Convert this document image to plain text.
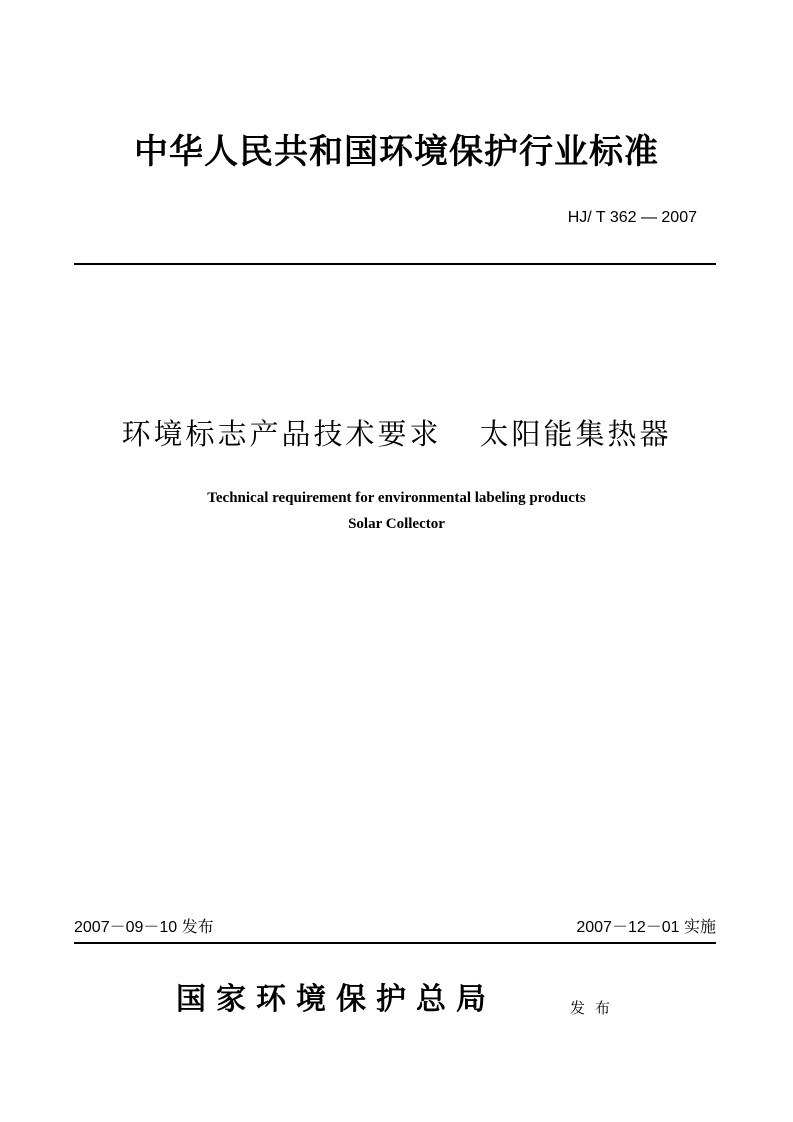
中华人民共和国环境保护行业标准
HJ/ T 362 — 2007
环境标志产品技术要求 太阳能集热器
Technical requirement for environmental labeling products
Solar Collector
2007－09－10 发布	2007－12－01 实施
国家环境保护总局	发布
